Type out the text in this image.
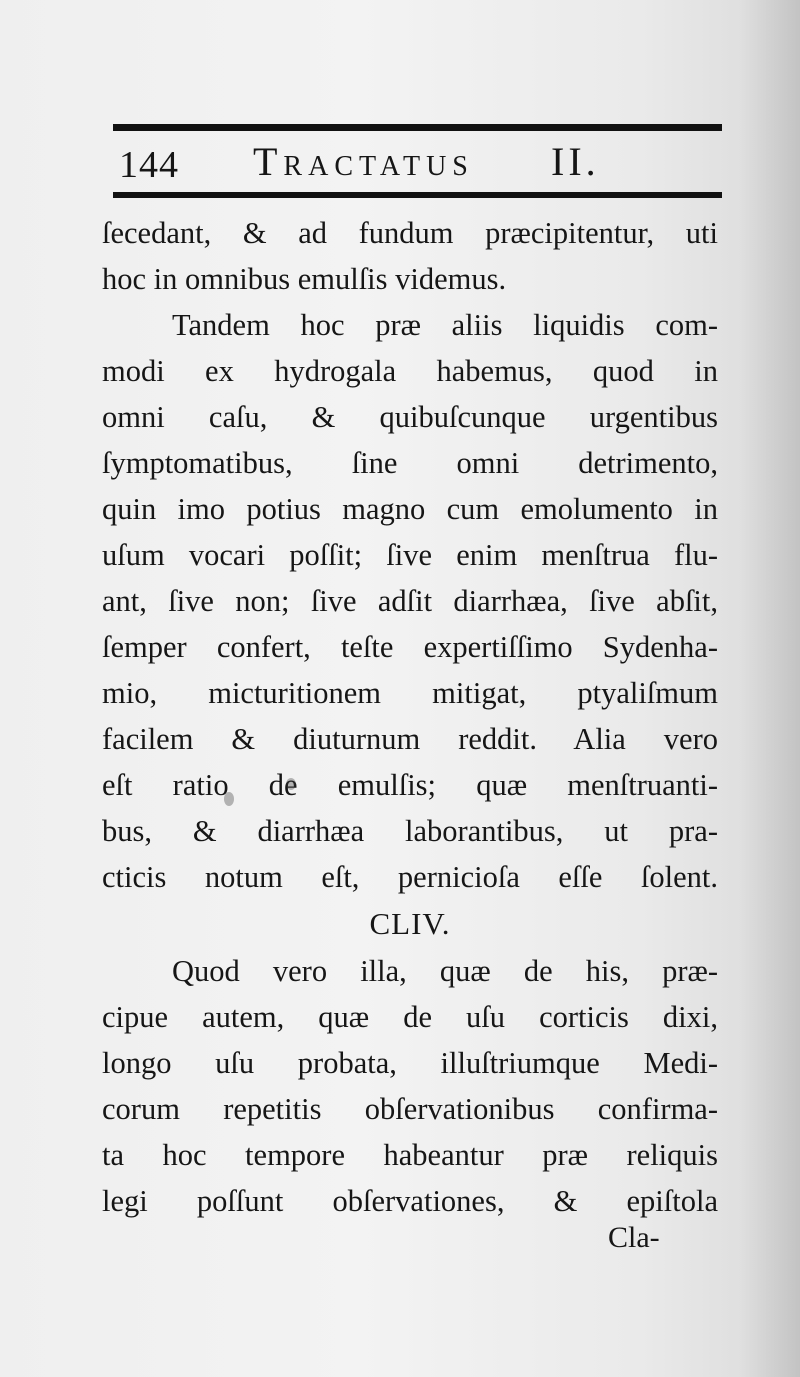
144 Tractatus II.
ſecedant, & ad fundum præcipitentur, uti
hoc in omnibus emulſis videmus.
Tandem hoc præ aliis liquidis com-
modi ex hydrogala habemus, quod in
omni caſu, & quibuſcunque urgentibus
ſymptomatibus, ſine omni detrimento,
quin imo potius magno cum emolumento in
uſum vocari poſſit; ſive enim menſtrua flu-
ant, ſive non; ſive adſit diarrhæa, ſive abſit,
ſemper confert, teſte expertiſſimo Sydenha-
mio, micturitionem mitigat, ptyaliſmum
facilem & diuturnum reddit. Alia vero
eſt ratio de emulſis; quæ menſtruanti-
bus, & diarrhæa laborantibus, ut pra-
cticis notum eſt, pernicioſa eſſe ſolent.
CLIV.
Quod vero illa, quæ de his, præ-
cipue autem, quæ de uſu corticis dixi,
longo uſu probata, illuſtriumque Medi-
corum repetitis obſervationibus confirma-
ta hoc tempore habeantur præ reliquis
legi poſſunt obſervationes, & epiſtola
Cla-
